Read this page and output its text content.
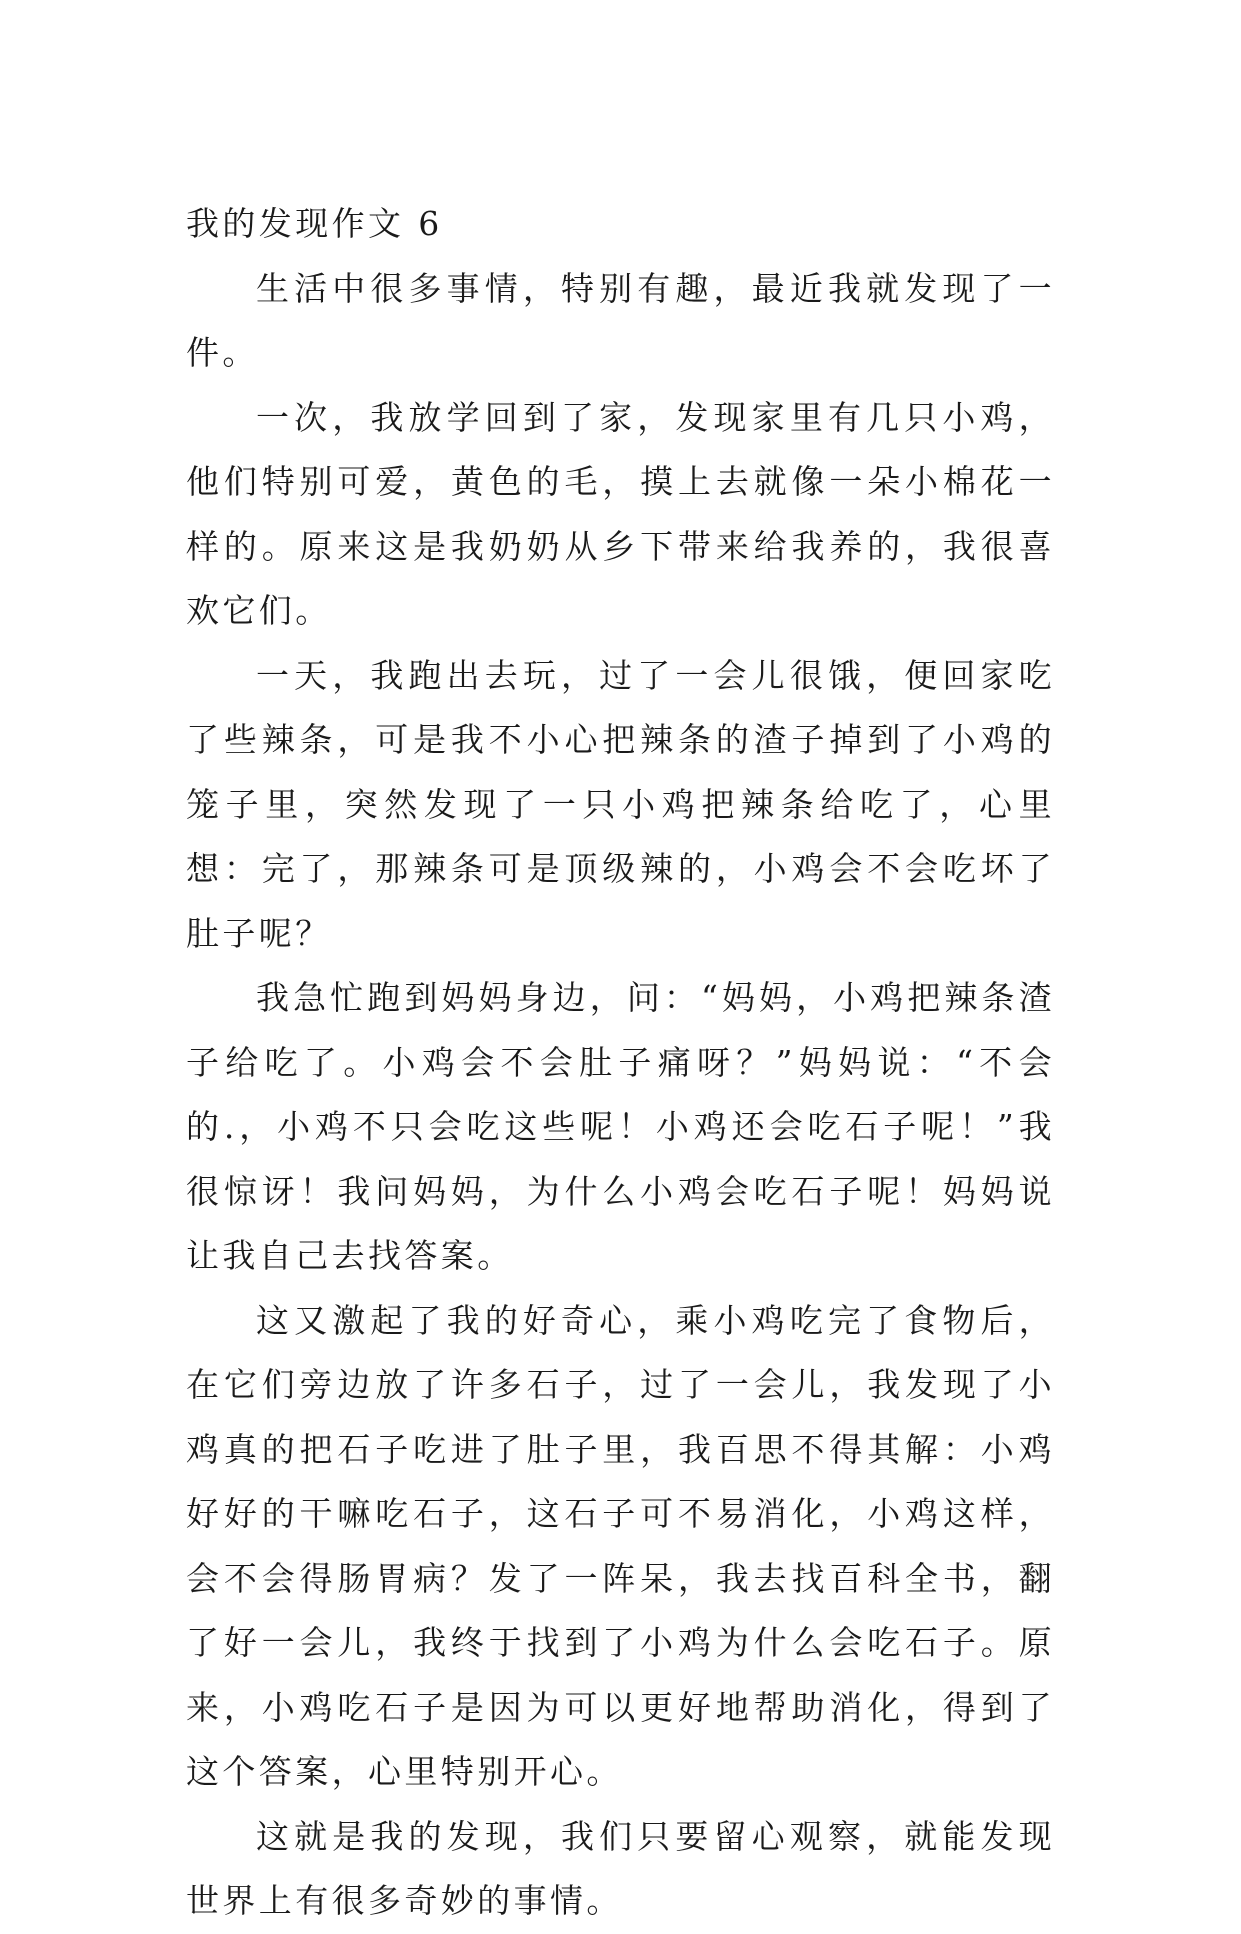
我的发现作文 6

生活中很多事情，特别有趣，最近我就发现了一件。

一次，我放学回到了家，发现家里有几只小鸡，他们特别可爱，黄色的毛，摸上去就像一朵小棉花一样的。原来这是我奶奶从乡下带来给我养的，我很喜欢它们。

一天，我跑出去玩，过了一会儿很饿，便回家吃了些辣条，可是我不小心把辣条的渣子掉到了小鸡的笼子里，突然发现了一只小鸡把辣条给吃了，心里想：完了，那辣条可是顶级辣的，小鸡会不会吃坏了肚子呢？

我急忙跑到妈妈身边，问：“妈妈，小鸡把辣条渣子给吃了。小鸡会不会肚子痛呀？”妈妈说：“不会的.，小鸡不只会吃这些呢！小鸡还会吃石子呢！”我很惊讶！我问妈妈，为什么小鸡会吃石子呢！妈妈说让我自己去找答案。

这又激起了我的好奇心，乘小鸡吃完了食物后，在它们旁边放了许多石子，过了一会儿，我发现了小鸡真的把石子吃进了肚子里，我百思不得其解：小鸡好好的干嘛吃石子，这石子可不易消化，小鸡这样，会不会得肠胃病？发了一阵呆，我去找百科全书，翻了好一会儿，我终于找到了小鸡为什么会吃石子。原来，小鸡吃石子是因为可以更好地帮助消化，得到了这个答案，心里特别开心。

这就是我的发现，我们只要留心观察，就能发现世界上有很多奇妙的事情。
